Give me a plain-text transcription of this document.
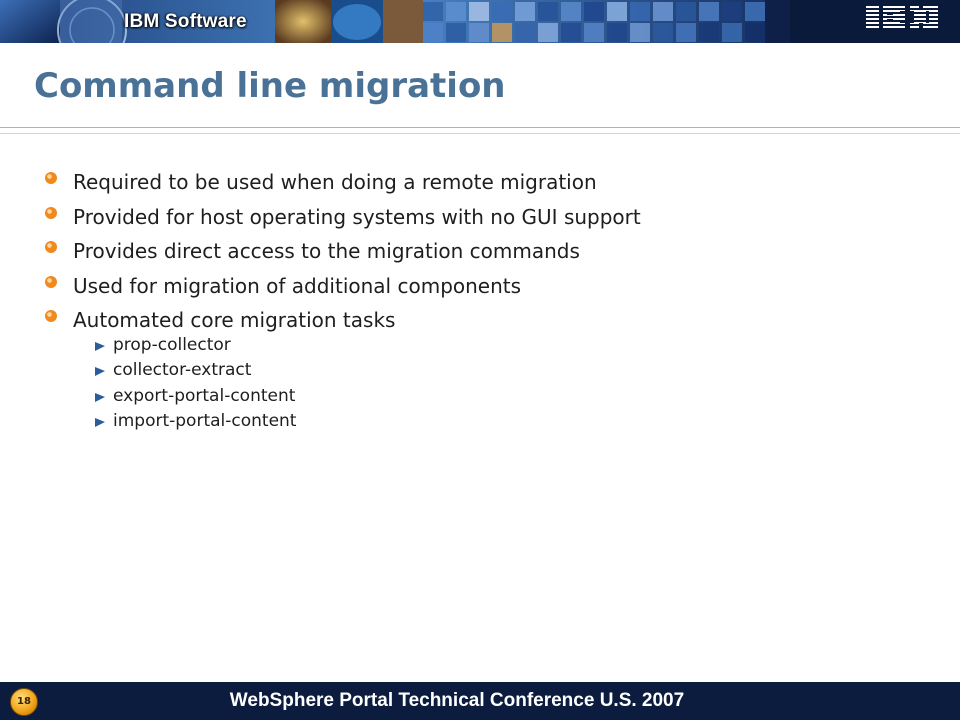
IBM Software
Command line migration
Required to be used when doing a remote migration
Provided for host operating systems with no GUI support
Provides direct access to the migration commands
Used for migration of additional components
Automated core migration tasks
prop-collector
collector-extract
export-portal-content
import-portal-content
18	WebSphere Portal Technical Conference U.S. 2007
